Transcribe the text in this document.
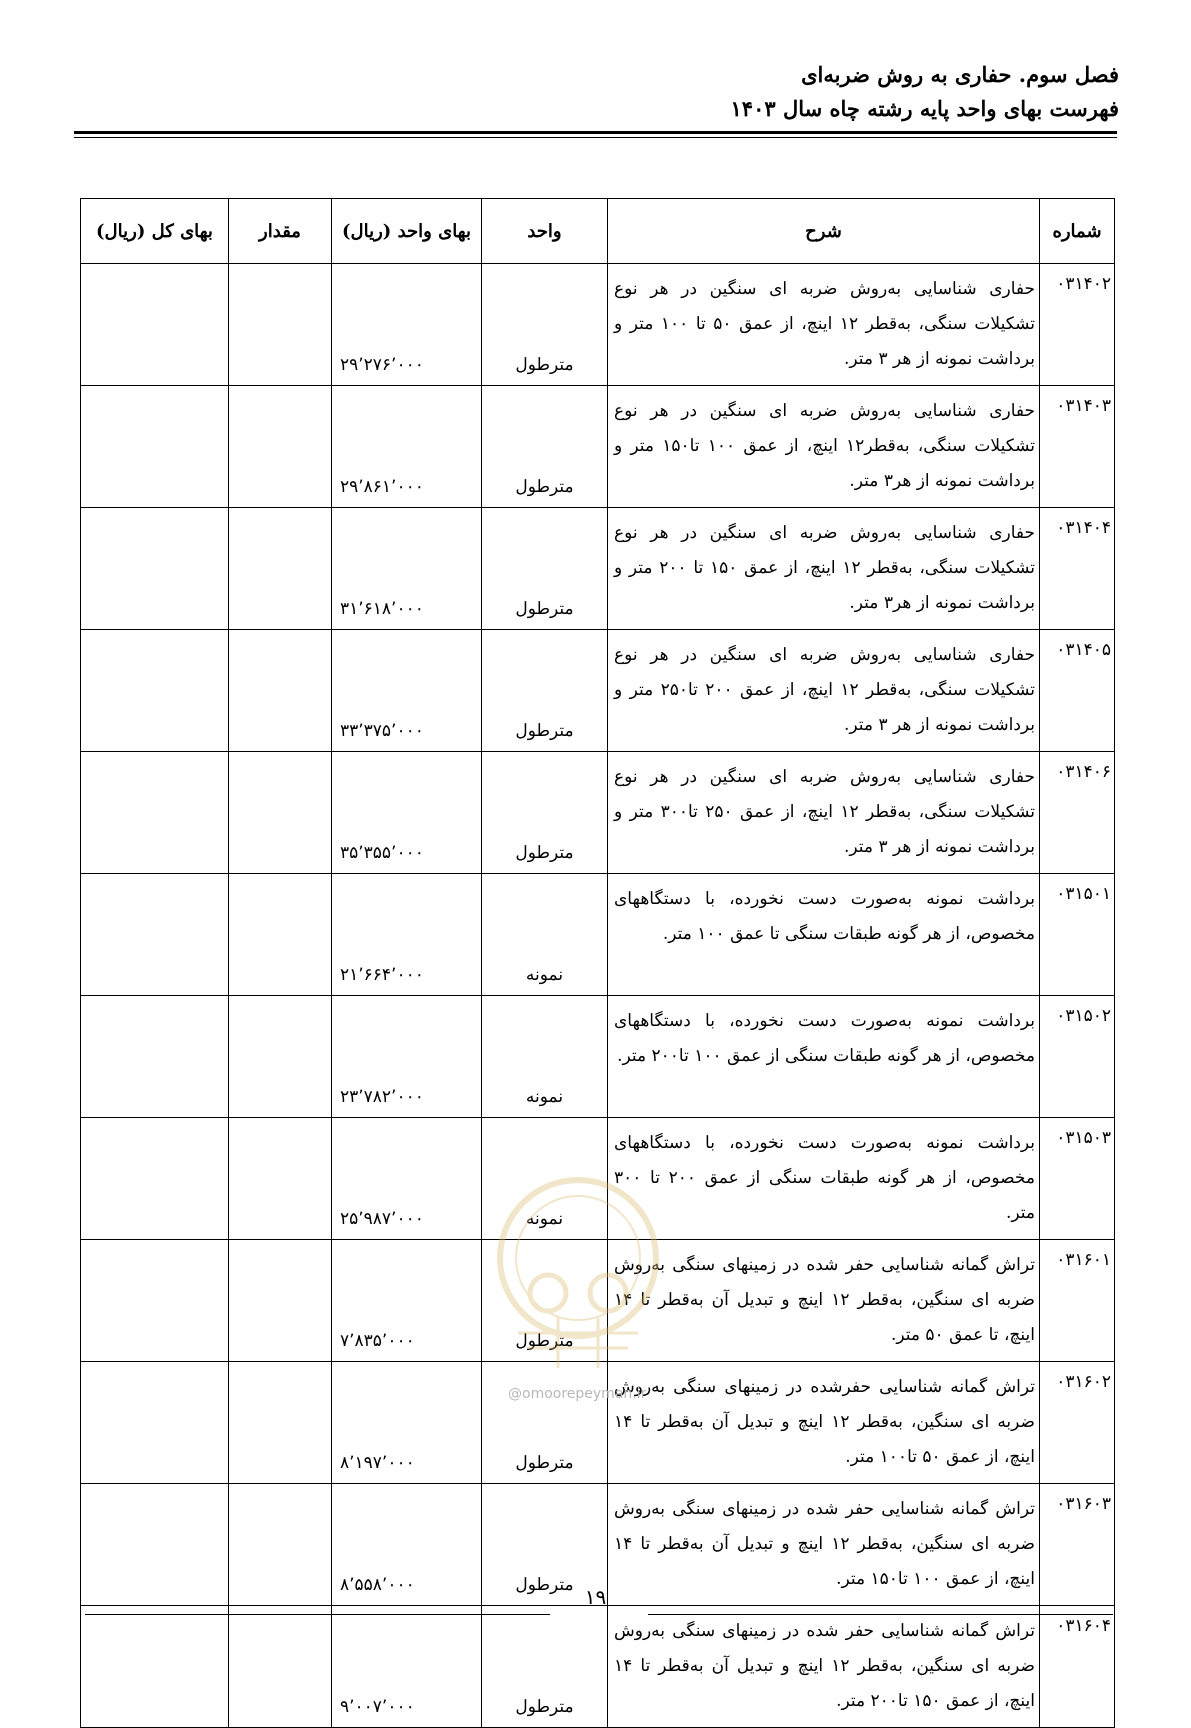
فصل سوم. حفاری به روش ضربه‌ای
فهرست بهای واحد پایه رشته چاه سال ۱۴۰۳
شماره	شرح	واحد	بهای واحد (ریال)	مقدار	بهای کل (ریال)
۰۳۱۴۰۲	حفاری شناسایی به‌روش ضربه ای سنگین در هر نوع تشکیلات سنگی، به‌قطر ۱۲ اینچ، از عمق ۵۰ تا ۱۰۰ متر و برداشت نمونه از هر ۳ متر.	مترطول	۲۹٬۲۷۶٬۰۰۰		
۰۳۱۴۰۳	حفاری شناسایی به‌روش ضربه ای سنگین در هر نوع تشکیلات سنگی، به‌قطر۱۲ اینچ، از عمق ۱۰۰ تا۱۵۰ متر و برداشت نمونه از هر۳ متر.	مترطول	۲۹٬۸۶۱٬۰۰۰		
۰۳۱۴۰۴	حفاری شناسایی به‌روش ضربه ای سنگین در هر نوع تشکیلات سنگی، به‌قطر ۱۲ اینچ، از عمق ۱۵۰ تا ۲۰۰ متر و برداشت نمونه از هر۳ متر.	مترطول	۳۱٬۶۱۸٬۰۰۰		
۰۳۱۴۰۵	حفاری شناسایی به‌روش ضربه ای سنگین در هر نوع تشکیلات سنگی، به‌قطر ۱۲ اینچ، از عمق ۲۰۰ تا۲۵۰ متر و برداشت نمونه از هر ۳ متر.	مترطول	۳۳٬۳۷۵٬۰۰۰		
۰۳۱۴۰۶	حفاری شناسایی به‌روش ضربه ای سنگین در هر نوع تشکیلات سنگی، به‌قطر ۱۲ اینچ، از عمق ۲۵۰ تا۳۰۰ متر و برداشت نمونه از هر ۳ متر.	مترطول	۳۵٬۳۵۵٬۰۰۰		
۰۳۱۵۰۱	برداشت نمونه به‌صورت دست نخورده، با دستگاههای مخصوص، از هر گونه طبقات سنگی تا عمق ۱۰۰ متر.	نمونه	۲۱٬۶۶۴٬۰۰۰		
۰۳۱۵۰۲	برداشت نمونه به‌صورت دست نخورده، با دستگاههای مخصوص، از هر گونه طبقات سنگی از عمق ۱۰۰ تا۲۰۰ متر.	نمونه	۲۳٬۷۸۲٬۰۰۰		
۰۳۱۵۰۳	برداشت نمونه به‌صورت دست نخورده، با دستگاههای مخصوص، از هر گونه طبقات سنگی از عمق ۲۰۰ تا ۳۰۰ متر.	نمونه	۲۵٬۹۸۷٬۰۰۰		
۰۳۱۶۰۱	تراش گمانه شناسایی حفر شده در زمینهای سنگی به‌روش ضربه ای سنگین، به‌قطر ۱۲ اینچ و تبدیل آن به‌قطر تا ۱۴ اینچ، تا عمق ۵۰ متر.	مترطول	۷٬۸۳۵٬۰۰۰		
۰۳۱۶۰۲	تراش گمانه شناسایی حفرشده در زمینهای سنگی به‌روش ضربه ای سنگین، به‌قطر ۱۲ اینچ و تبدیل آن به‌قطر تا ۱۴ اینچ، از عمق ۵۰ تا۱۰۰ متر.	مترطول	۸٬۱۹۷٬۰۰۰		
۰۳۱۶۰۳	تراش گمانه شناسایی حفر شده در زمینهای سنگی به‌روش ضربه ای سنگین، به‌قطر ۱۲ اینچ و تبدیل آن به‌قطر تا ۱۴ اینچ، از عمق ۱۰۰ تا۱۵۰ متر.	مترطول	۸٬۵۵۸٬۰۰۰		
۰۳۱۶۰۴	تراش گمانه شناسایی حفر شده در زمینهای سنگی به‌روش ضربه ای سنگین، به‌قطر ۱۲ اینچ و تبدیل آن به‌قطر تا ۱۴ اینچ، از عمق ۱۵۰ تا۲۰۰ متر.	مترطول	۹٬۰۰۷٬۰۰۰		
@omoorepeyman.ir
۱۹
